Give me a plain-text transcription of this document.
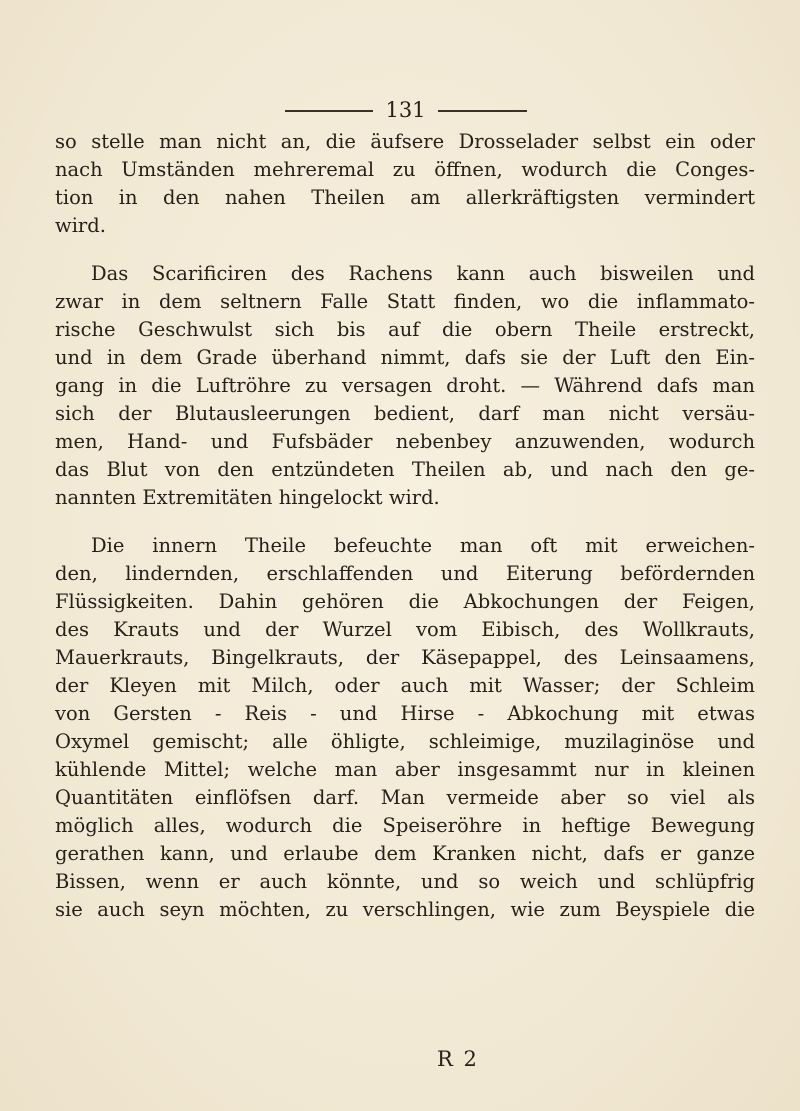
131
so stelle man nicht an, die äufsere Drosselader selbst ein oder
nach Umständen mehreremal zu öffnen, wodurch die Conges-
tion in den nahen Theilen am allerkräftigsten vermindert
wird.
Das Scarificiren des Rachens kann auch bisweilen und
zwar in dem seltnern Falle Statt finden, wo die inflammato-
rische Geschwulst sich bis auf die obern Theile erstreckt,
und in dem Grade überhand nimmt, dafs sie der Luft den Ein-
gang in die Luftröhre zu versagen droht. — Während dafs man
sich der Blutausleerungen bedient, darf man nicht versäu-
men, Hand- und Fufsbäder nebenbey anzuwenden, wodurch
das Blut von den entzündeten Theilen ab, und nach den ge-
nannten Extremitäten hingelockt wird.
Die innern Theile befeuchte man oft mit erweichen-
den, lindernden, erschlaffenden und Eiterung befördernden
Flüssigkeiten. Dahin gehören die Abkochungen der Feigen,
des Krauts und der Wurzel vom Eibisch, des Wollkrauts,
Mauerkrauts, Bingelkrauts, der Käsepappel, des Leinsaamens,
der Kleyen mit Milch, oder auch mit Wasser; der Schleim
von Gersten - Reis - und Hirse - Abkochung mit etwas
Oxymel gemischt; alle öhligte, schleimige, muzilaginöse und
kühlende Mittel; welche man aber insgesammt nur in kleinen
Quantitäten einflöfsen darf. Man vermeide aber so viel als
möglich alles, wodurch die Speiseröhre in heftige Bewegung
gerathen kann, und erlaube dem Kranken nicht, dafs er ganze
Bissen, wenn er auch könnte, und so weich und schlüpfrig
sie auch seyn möchten, zu verschlingen, wie zum Beyspiele die
R 2
